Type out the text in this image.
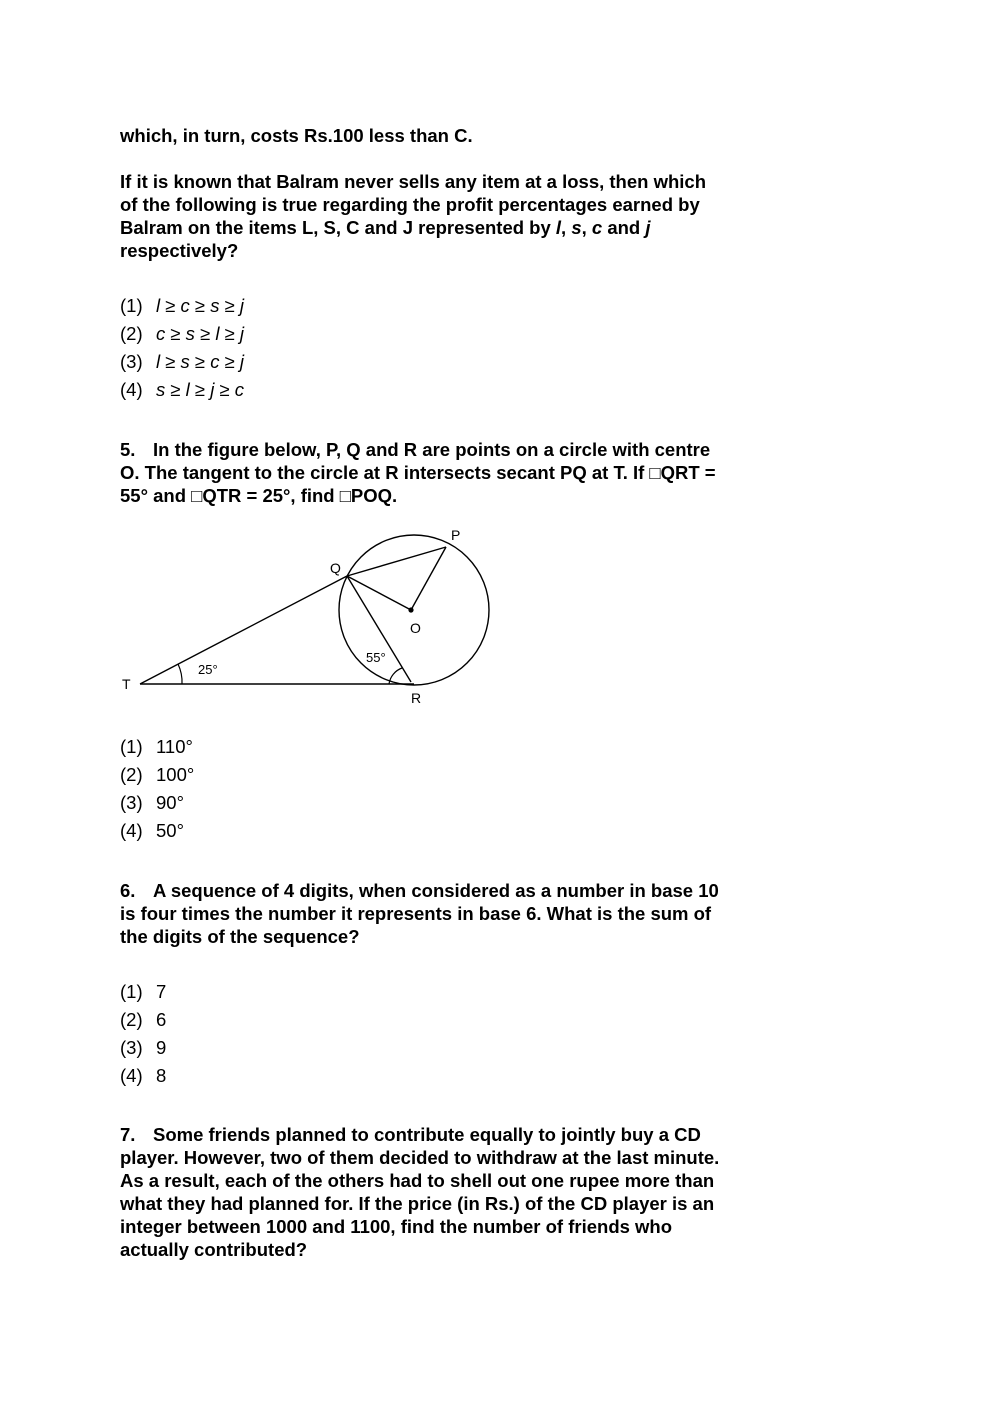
which, in turn, costs Rs.100 less than C.
If it is known that Balram never sells any item at a loss, then which
of the following is true regarding the profit percentages earned by
Balram on the items L, S, C and J represented by l, s, c and j
respectively?
(1) l ≥ c ≥ s ≥ j
(2) c ≥ s ≥ l ≥ j
(3) l ≥ s ≥ c ≥ j
(4) s ≥ l ≥ j ≥ c
5. In the figure below, P, Q and R are points on a circle with centre
O. The tangent to the circle at R intersects secant PQ at T. If □QRT =
55° and □QTR = 25°, find □POQ.
P
Q
O
R
T
25°
55°
(1) 110°
(2) 100°
(3) 90°
(4) 50°
6. A sequence of 4 digits, when considered as a number in base 10
is four times the number it represents in base 6. What is the sum of
the digits of the sequence?
(1) 7
(2) 6
(3) 9
(4) 8
7. Some friends planned to contribute equally to jointly buy a CD
player. However, two of them decided to withdraw at the last minute.
As a result, each of the others had to shell out one rupee more than
what they had planned for. If the price (in Rs.) of the CD player is an
integer between 1000 and 1100, find the number of friends who
actually contributed?
